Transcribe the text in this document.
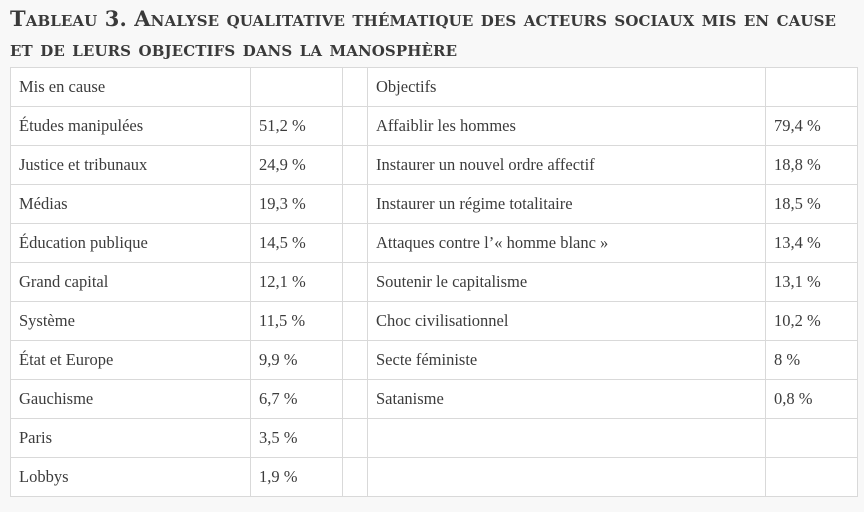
Tableau 3. Analyse qualitative thématique des acteurs sociaux mis en cause et de leurs objectifs dans la manosphère
Mis en cause			Objectifs	
Études manipulées	51,2 %		Affaiblir les hommes	79,4 %
Justice et tribunaux	24,9 %		Instaurer un nouvel ordre affectif	18,8 %
Médias	19,3 %		Instaurer un régime totalitaire	18,5 %
Éducation publique	14,5 %		Attaques contre l’« homme blanc »	13,4 %
Grand capital	12,1 %		Soutenir le capitalisme	13,1 %
Système	11,5 %		Choc civilisationnel	10,2 %
État et Europe	9,9 %		Secte féministe	8 %
Gauchisme	6,7 %		Satanisme	0,8 %
Paris	3,5 %			
Lobbys	1,9 %			
